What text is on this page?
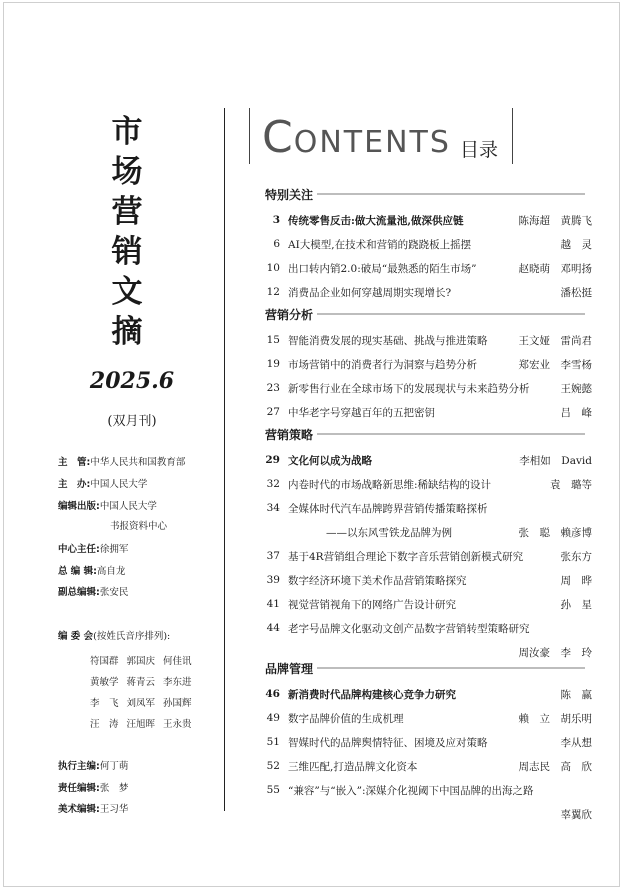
市
场
营
销
文
摘
2025.6
(双月刊)
主　管:中华人民共和国教育部
主　办:中国人民大学
编辑出版:中国人民大学
书报资料中心
中心主任:徐拥军
总 编 辑:高自龙
副总编辑:张安民
编 委 会(按姓氏音序排列):
符国群 郭国庆 何佳讯
黄敏学 蒋青云 李东进
李　飞 刘凤军 孙国辉
汪　涛 汪旭晖 王永贵
执行主编:何丁萌
责任编辑:张　梦
美术编辑:王习华
CONTENTS 目录
特别关注
3 传统零售反击:做大流量池,做深供应链	陈海超　黄腾飞
6 AI大模型,在技术和营销的跷跷板上摇摆	越　灵
10 出口转内销2.0:破局“最熟悉的陌生市场”	赵晓萌　邓明扬
12 消费品企业如何穿越周期实现增长?	潘松挺
营销分析
15 智能消费发展的现实基础、挑战与推进策略	王文娅　雷尚君
19 市场营销中的消费者行为洞察与趋势分析	郑宏业　李雪杨
23 新零售行业在全球市场下的发展现状与未来趋势分析	王婉懿
27 中华老字号穿越百年的五把密钥	吕　峰
营销策略
29 文化何以成为战略	李相如　David
32 内卷时代的市场战略新思维:稀缺结构的设计	袁　璐等
34 全媒体时代汽车品牌跨界营销传播策略探析
——以东风雪铁龙品牌为例	张　聪　赖彦博
37 基于4R营销组合理论下数字音乐营销创新模式研究	张东方
39 数字经济环境下美术作品营销策略探究	周　晔
41 视觉营销视角下的网络广告设计研究	孙　星
44 老字号品牌文化驱动文创产品数字营销转型策略研究
周汝豪　李　玲
品牌管理
46 新消费时代品牌构建核心竞争力研究	陈　赢
49 数字品牌价值的生成机理	赖　立　胡乐明
51 智媒时代的品牌舆情特征、困境及应对策略	李从想
52 三维匹配,打造品牌文化资本	周志民　高　欣
55 “兼容”与“嵌入”:深媒介化视阈下中国品牌的出海之路
辜翼欣
